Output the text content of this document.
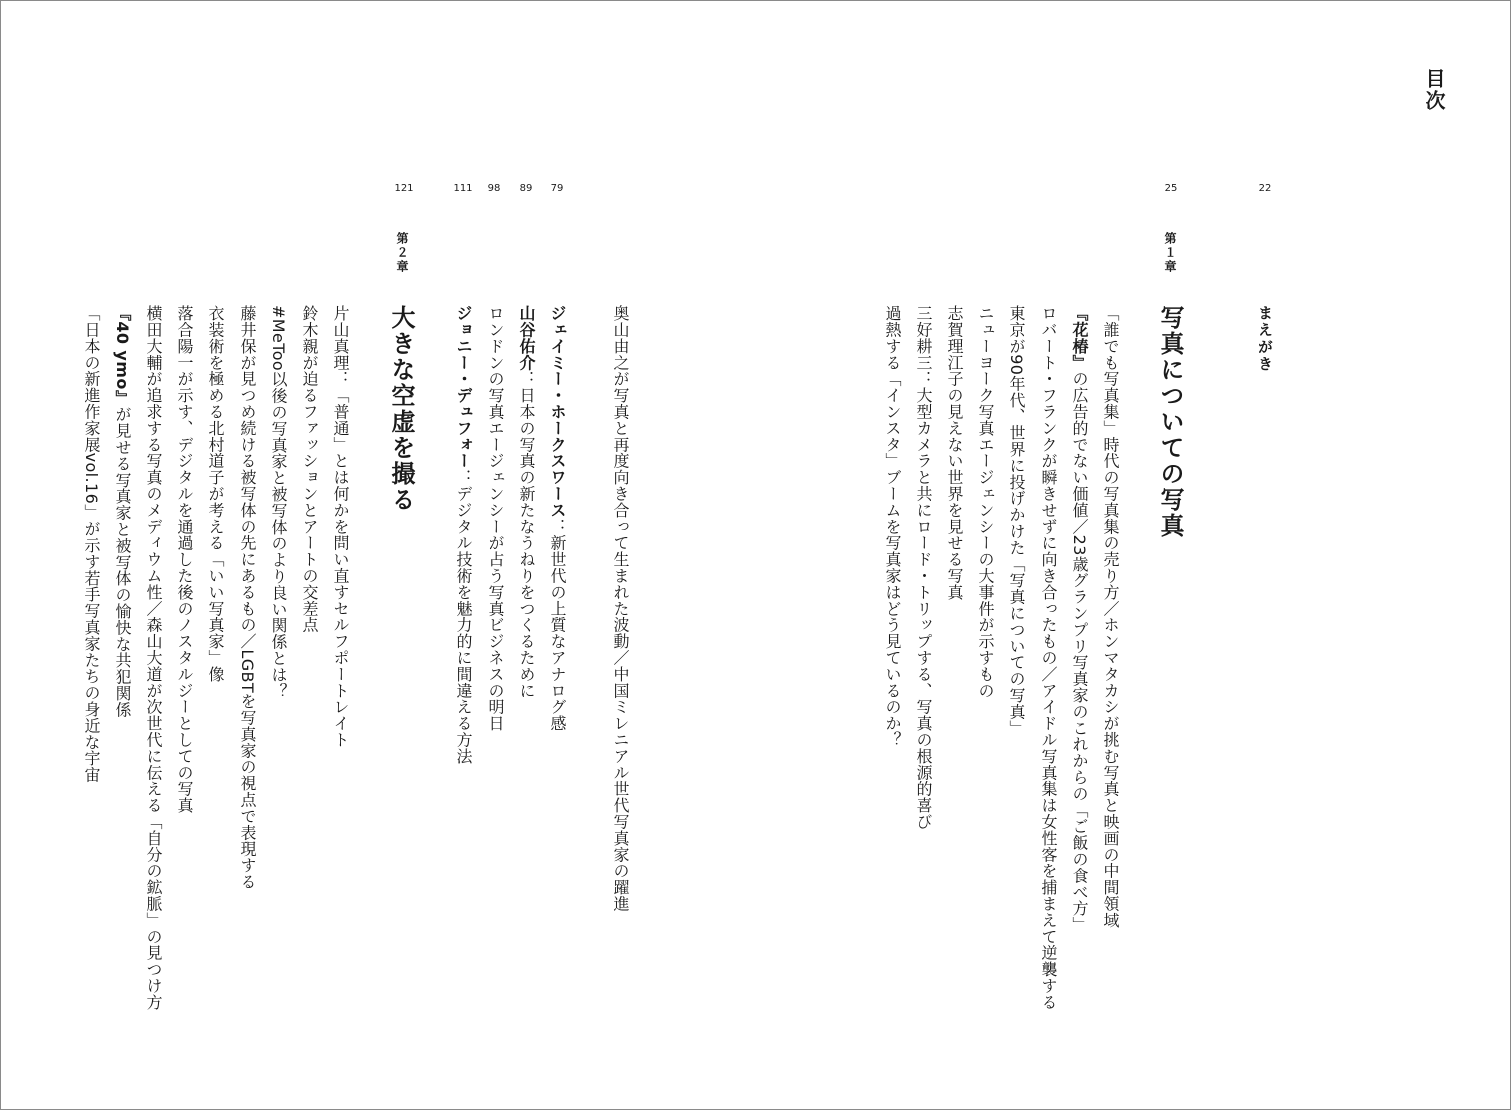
目次
22
25
79
89
98
111
121
まえがき
第１章
写真についての写真
「誰でも写真集」時代の写真集の売り方／ホンマタカシが挑む写真と映画の中間領域
『花椿』の広告的でない価値／23歳グランプリ写真家のこれからの「ご飯の食べ方」
ロバート・フランクが瞬きせずに向き合ったもの／アイドル写真集は女性客を捕まえて逆襲する
東京が90年代、世界に投げかけた「写真についての写真」
ニューヨーク写真エージェンシーの大事件が示すもの
志賀理江子の見えない世界を見せる写真
三好耕三：大型カメラと共にロード・トリップする、写真の根源的喜び
過熱する「インスタ」ブームを写真家はどう見ているのか？
奥山由之が写真と再度向き合って生まれた波動／中国ミレニアル世代写真家の躍進
ジェイミー・ホークスワース：新世代の上質なアナログ感
山谷佑介：日本の写真の新たなうねりをつくるために
ロンドンの写真エージェンシーが占う写真ビジネスの明日
ジョニー・デュフォー：デジタル技術を魅力的に間違える方法
第２章
大きな空虚を撮る
片山真理：「普通」とは何かを問い直すセルフポートレイト
鈴木親が迫るファッションとアートの交差点
#MeToo以後の写真家と被写体のより良い関係とは？
藤井保が見つめ続ける被写体の先にあるもの／LGBTを写真家の視点で表現する
衣装術を極める北村道子が考える「いい写真家」像
落合陽一が示す、デジタルを通過した後のノスタルジーとしての写真
横田大輔が追求する写真のメディウム性／森山大道が次世代に伝える「自分の鉱脈」の見つけ方
『40 ymo』が見せる写真家と被写体の愉快な共犯関係
「日本の新進作家展vol.16」が示す若手写真家たちの身近な宇宙
